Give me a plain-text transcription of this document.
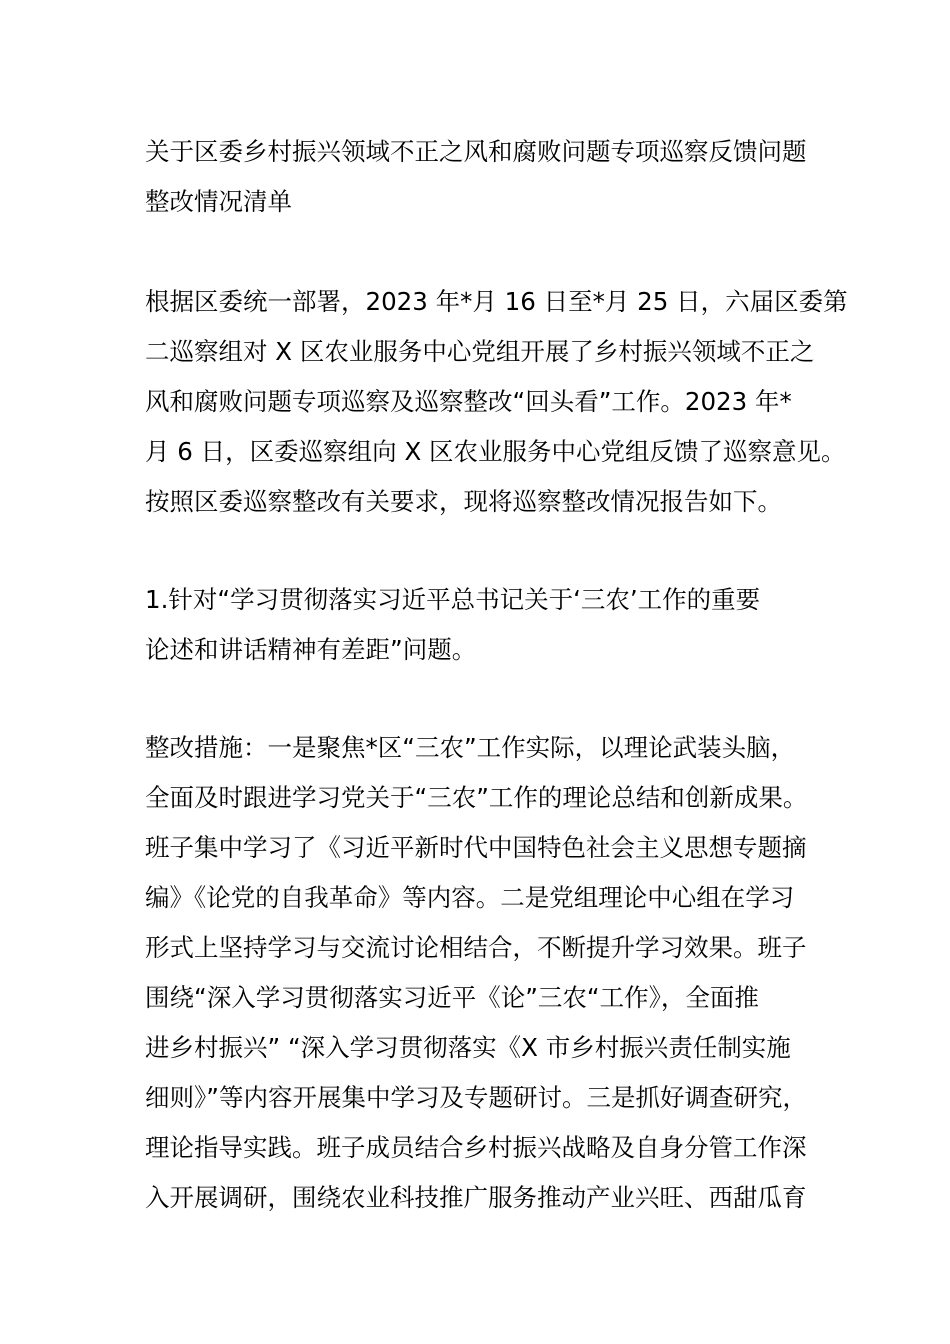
关于区委乡村振兴领域不正之风和腐败问题专项巡察反馈问题
整改情况清单
根据区委统一部署，2023 年*月 16 日至*月 25 日，六届区委第
二巡察组对 X 区农业服务中心党组开展了乡村振兴领域不正之
风和腐败问题专项巡察及巡察整改“回头看”工作。2023 年*
月 6 日，区委巡察组向 X 区农业服务中心党组反馈了巡察意见。
按照区委巡察整改有关要求，现将巡察整改情况报告如下。
1.针对“学习贯彻落实习近平总书记关于‘三农’工作的重要
论述和讲话精神有差距”问题。
整改措施：一是聚焦*区“三农”工作实际，以理论武装头脑，
全面及时跟进学习党关于“三农”工作的理论总结和创新成果。
班子集中学习了《习近平新时代中国特色社会主义思想专题摘
编》《论党的自我革命》等内容。二是党组理论中心组在学习
形式上坚持学习与交流讨论相结合，不断提升学习效果。班子
围绕“深入学习贯彻落实习近平《论”三农“工作》，全面推
进乡村振兴” “深入学习贯彻落实《X 市乡村振兴责任制实施
细则》”等内容开展集中学习及专题研讨。三是抓好调查研究，
理论指导实践。班子成员结合乡村振兴战略及自身分管工作深
入开展调研，围绕农业科技推广服务推动产业兴旺、西甜瓜育
